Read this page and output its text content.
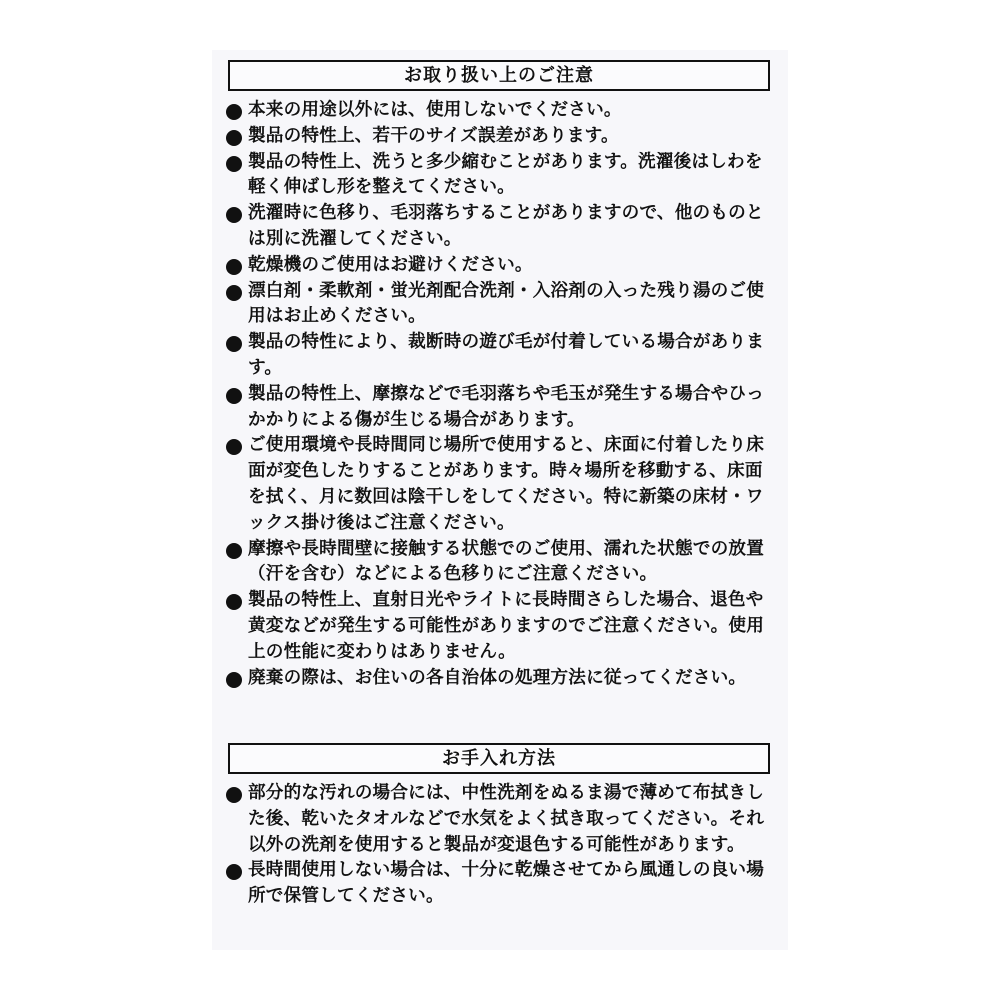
お取り扱い上のご注意
本来の用途以外には、使用しないでください。
製品の特性上、若干のサイズ誤差があります。
製品の特性上、洗うと多少縮むことがあります。洗濯後はしわを軽く伸ばし形を整えてください。
洗濯時に色移り、毛羽落ちすることがありますので、他のものとは別に洗濯してください。
乾燥機のご使用はお避けください。
漂白剤・柔軟剤・蛍光剤配合洗剤・入浴剤の入った残り湯のご使用はお止めください。
製品の特性により、裁断時の遊び毛が付着している場合があります。
製品の特性上、摩擦などで毛羽落ちや毛玉が発生する場合やひっかかりによる傷が生じる場合があります。
ご使用環境や長時間同じ場所で使用すると、床面に付着したり床面が変色したりすることがあります。時々場所を移動する、床面を拭く、月に数回は陰干しをしてください。特に新築の床材・ワックス掛け後はご注意ください。
摩擦や長時間壁に接触する状態でのご使用、濡れた状態での放置（汗を含む）などによる色移りにご注意ください。
製品の特性上、直射日光やライトに長時間さらした場合、退色や黄変などが発生する可能性がありますのでご注意ください。使用上の性能に変わりはありません。
廃棄の際は、お住いの各自治体の処理方法に従ってください。
お手入れ方法
部分的な汚れの場合には、中性洗剤をぬるま湯で薄めて布拭きした後、乾いたタオルなどで水気をよく拭き取ってください。それ以外の洗剤を使用すると製品が変退色する可能性があります。
長時間使用しない場合は、十分に乾燥させてから風通しの良い場所で保管してください。
